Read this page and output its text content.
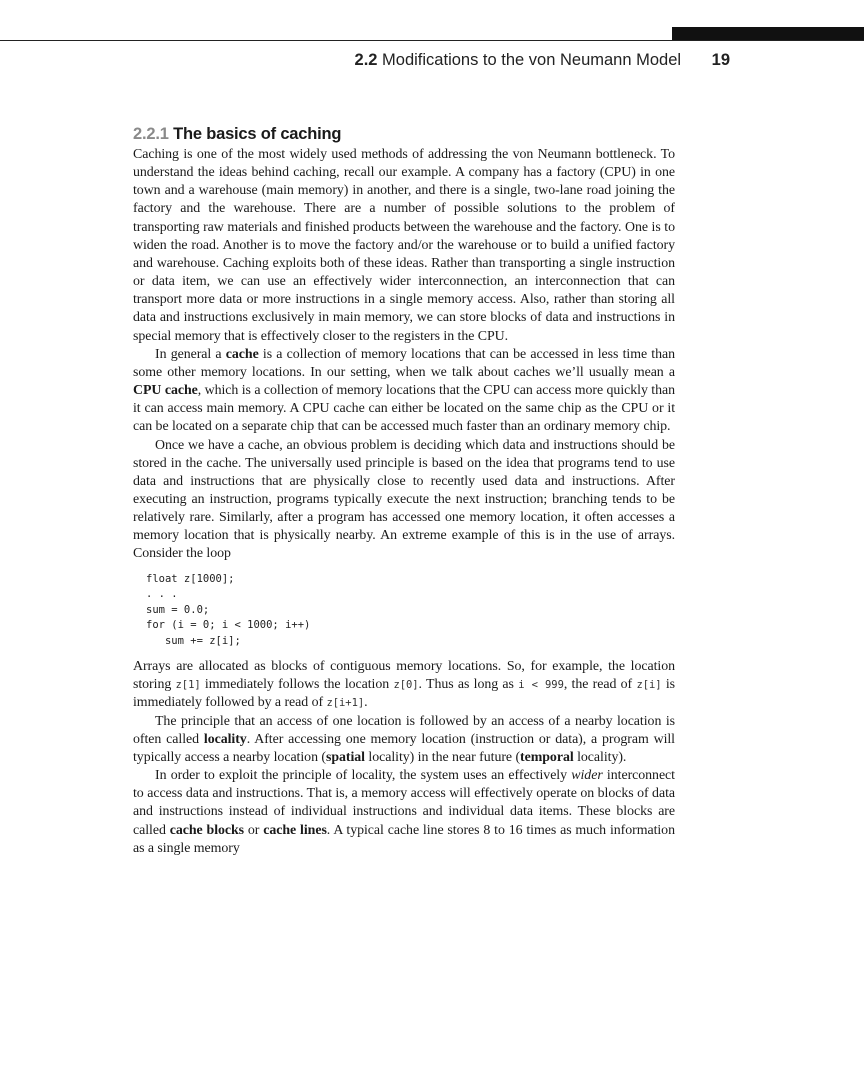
2.2 Modifications to the von Neumann Model 19
2.2.1 The basics of caching

Caching is one of the most widely used methods of addressing the von Neumann bottleneck. To understand the ideas behind caching, recall our example. A company has a factory (CPU) in one town and a warehouse (main memory) in another, and there is a single, two-lane road joining the factory and the warehouse. There are a number of possible solutions to the problem of transporting raw materials and finished products between the warehouse and the factory. One is to widen the road. Another is to move the factory and/or the warehouse or to build a unified factory and warehouse. Caching exploits both of these ideas. Rather than transporting a single instruction or data item, we can use an effectively wider interconnection, an interconnection that can transport more data or more instructions in a single memory access. Also, rather than storing all data and instructions exclusively in main memory, we can store blocks of data and instructions in special memory that is effectively closer to the registers in the CPU.

In general a cache is a collection of memory locations that can be accessed in less time than some other memory locations. In our setting, when we talk about caches we’ll usually mean a CPU cache, which is a collection of memory locations that the CPU can access more quickly than it can access main memory. A CPU cache can either be located on the same chip as the CPU or it can be located on a separate chip that can be accessed much faster than an ordinary memory chip.

Once we have a cache, an obvious problem is deciding which data and instructions should be stored in the cache. The universally used principle is based on the idea that programs tend to use data and instructions that are physically close to recently used data and instructions. After executing an instruction, programs typically execute the next instruction; branching tends to be relatively rare. Similarly, after a program has accessed one memory location, it often accesses a memory location that is physically nearby. An extreme example of this is in the use of arrays. Consider the loop

float z[1000];
. . .
sum = 0.0;
for (i = 0; i < 1000; i++)
sum += z[i];

Arrays are allocated as blocks of contiguous memory locations. So, for example, the location storing z[1] immediately follows the location z[0]. Thus as long as i < 999, the read of z[i] is immediately followed by a read of z[i+1].

The principle that an access of one location is followed by an access of a nearby location is often called locality. After accessing one memory location (instruction or data), a program will typically access a nearby location (spatial locality) in the near future (temporal locality).

In order to exploit the principle of locality, the system uses an effectively wider interconnect to access data and instructions. That is, a memory access will effectively operate on blocks of data and instructions instead of individual instructions and individual data items. These blocks are called cache blocks or cache lines. A typical cache line stores 8 to 16 times as much information as a single memory
